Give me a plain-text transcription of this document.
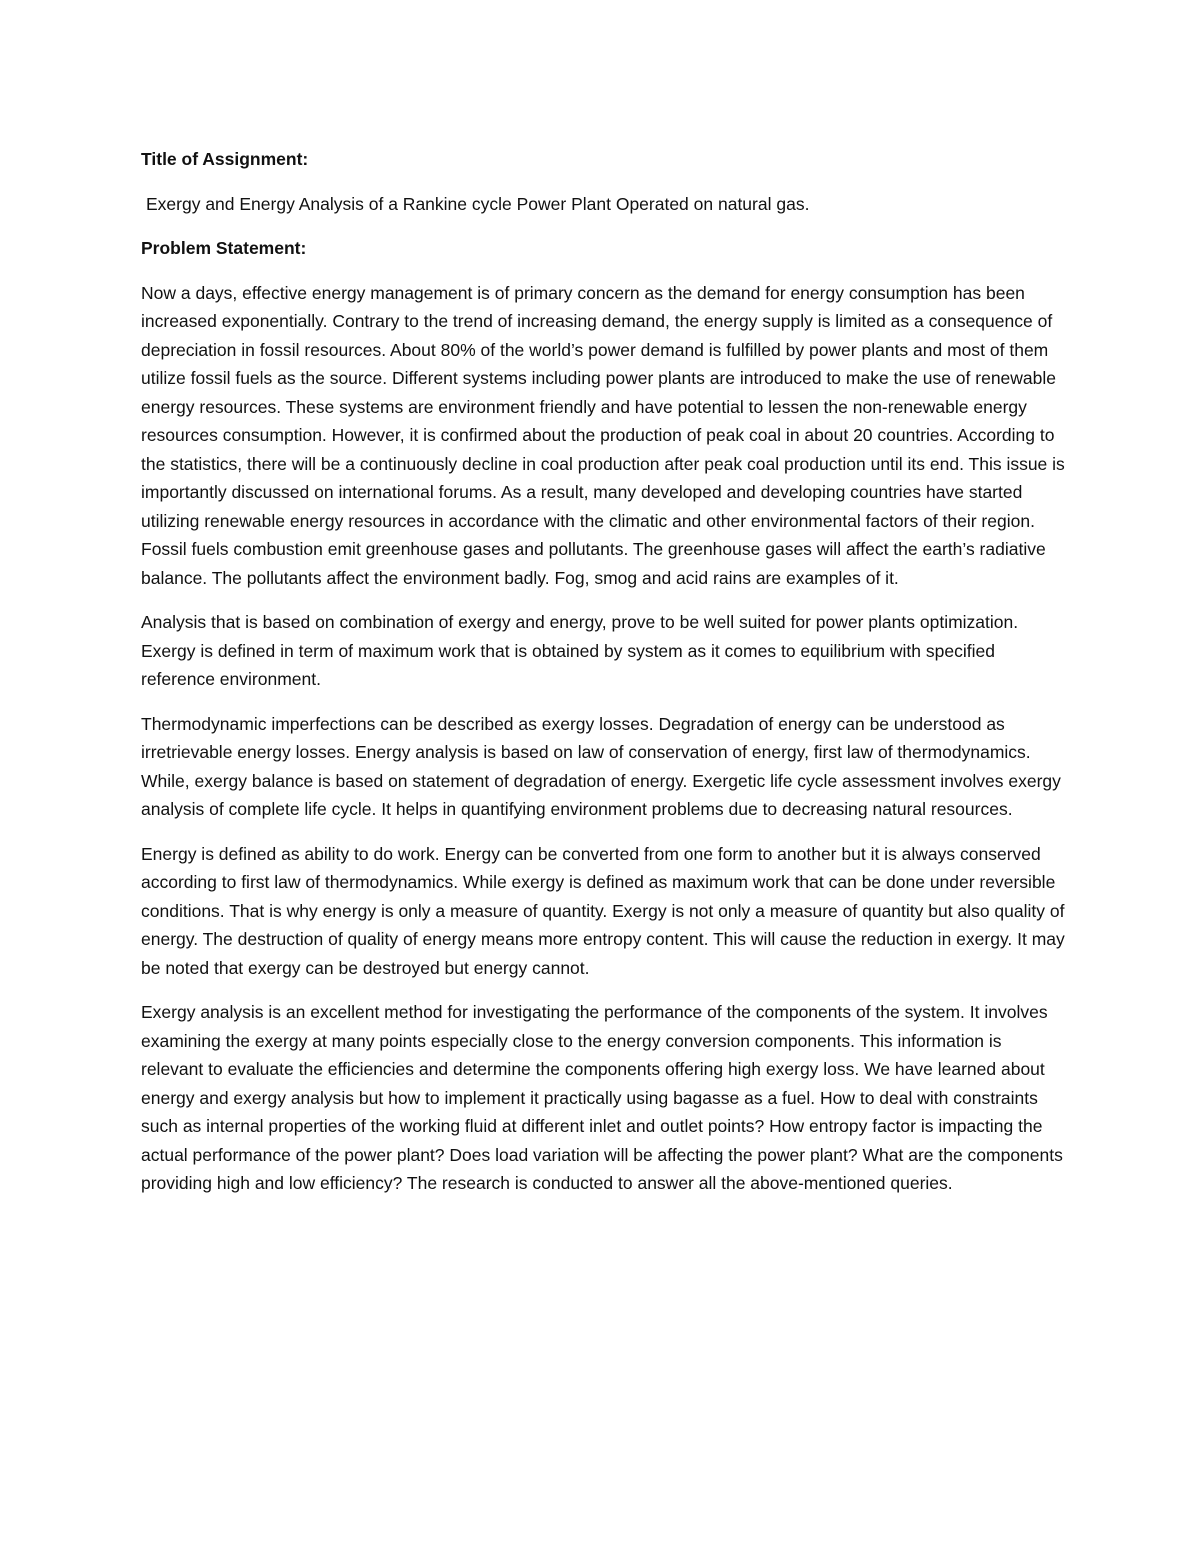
Title of Assignment:

Exergy and Energy Analysis of a Rankine cycle Power Plant Operated on natural gas.

Problem Statement:

Now a days, effective energy management is of primary concern as the demand for energy consumption has been increased exponentially. Contrary to the trend of increasing demand, the energy supply is limited as a consequence of depreciation in fossil resources. About 80% of the world’s power demand is fulfilled by power plants and most of them utilize fossil fuels as the source. Different systems including power plants are introduced to make the use of renewable energy resources. These systems are environment friendly and have potential to lessen the non-renewable energy resources consumption. However, it is confirmed about the production of peak coal in about 20 countries. According to the statistics, there will be a continuously decline in coal production after peak coal production until its end. This issue is importantly discussed on international forums. As a result, many developed and developing countries have started utilizing renewable energy resources in accordance with the climatic and other environmental factors of their region. Fossil fuels combustion emit greenhouse gases and pollutants. The greenhouse gases will affect the earth’s radiative balance. The pollutants affect the environment badly. Fog, smog and acid rains are examples of it.

Analysis that is based on combination of exergy and energy, prove to be well suited for power plants optimization. Exergy is defined in term of maximum work that is obtained by system as it comes to equilibrium with specified reference environment.

Thermodynamic imperfections can be described as exergy losses. Degradation of energy can be understood as irretrievable energy losses. Energy analysis is based on law of conservation of energy, first law of thermodynamics. While, exergy balance is based on statement of degradation of energy. Exergetic life cycle assessment involves exergy analysis of complete life cycle. It helps in quantifying environment problems due to decreasing natural resources.

Energy is defined as ability to do work. Energy can be converted from one form to another but it is always conserved according to first law of thermodynamics. While exergy is defined as maximum work that can be done under reversible conditions. That is why energy is only a measure of quantity. Exergy is not only a measure of quantity but also quality of energy. The destruction of quality of energy means more entropy content. This will cause the reduction in exergy. It may be noted that exergy can be destroyed but energy cannot.

Exergy analysis is an excellent method for investigating the performance of the components of the system. It involves examining the exergy at many points especially close to the energy conversion components. This information is relevant to evaluate the efficiencies and determine the components offering high exergy loss. We have learned about energy and exergy analysis but how to implement it practically using bagasse as a fuel. How to deal with constraints such as internal properties of the working fluid at different inlet and outlet points? How entropy factor is impacting the actual performance of the power plant? Does load variation will be affecting the power plant? What are the components providing high and low efficiency? The research is conducted to answer all the above-mentioned queries.
